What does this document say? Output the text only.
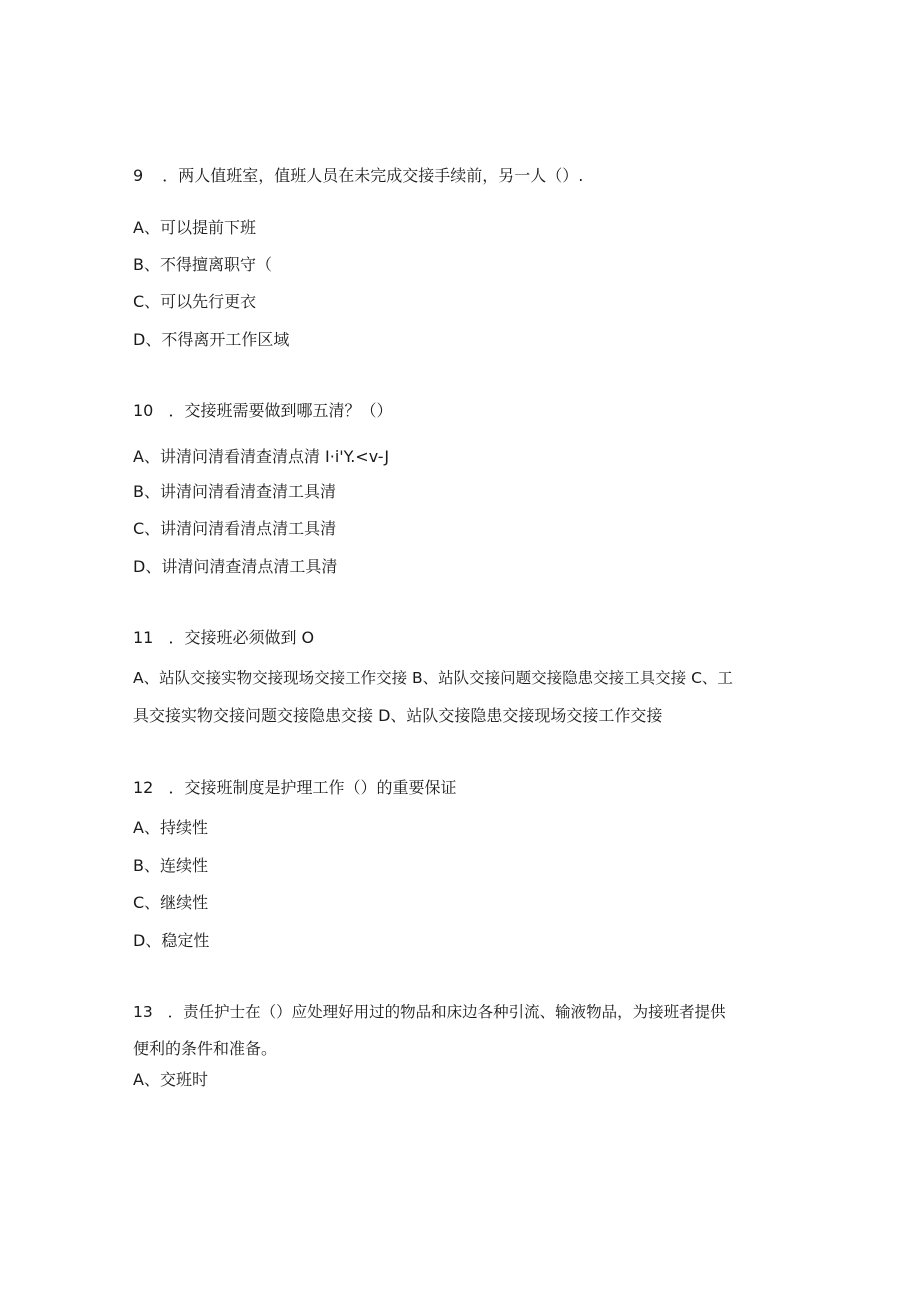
9 ．两人值班室，值班人员在未完成交接手续前，另一人（）.
A、可以提前下班
B、不得擅离职守（
C、可以先行更衣
D、不得离开工作区域
10 ．交接班需要做到哪五清？（）
A、讲清问清看清查清点清 I·i'Y.<v-J
B、讲清问清看清查清工具清
C、讲清问清看清点清工具清
D、讲清问清查清点清工具清
11 ．交接班必须做到 O
A、站队交接实物交接现场交接工作交接 B、站队交接问题交接隐患交接工具交接 C、工
具交接实物交接问题交接隐患交接 D、站队交接隐患交接现场交接工作交接
12 ．交接班制度是护理工作（）的重要保证
A、持续性
B、连续性
C、继续性
D、稳定性
13 ．责任护士在（）应处理好用过的物品和床边各种引流、输液物品，为接班者提供
便利的条件和准备。
A、交班时
